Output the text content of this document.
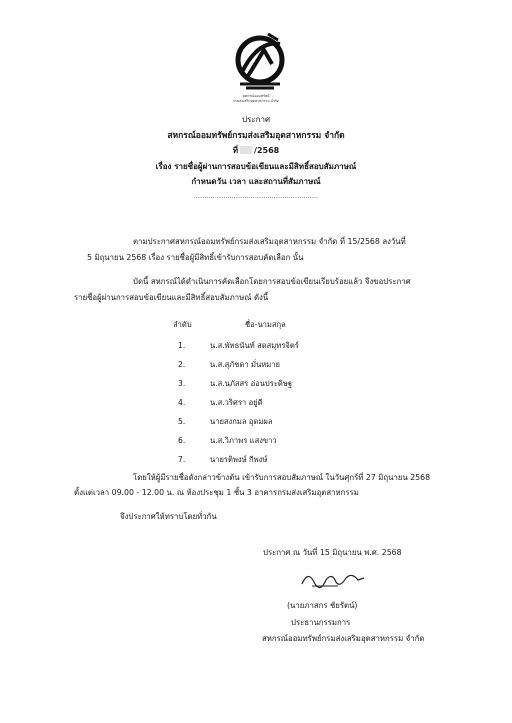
สหกรณ์ออมทรัพย์
กรมส่งเสริมอุตสาหกรรม จำกัด
ประกาศ
สหกรณ์ออมทรัพย์กรมส่งเสริมอุตสาหกรรม จำกัด
ที่ /2568
เรื่อง รายชื่อผู้ผ่านการสอบข้อเขียนและมีสิทธิ์สอบสัมภาษณ์
กำหนดวัน เวลา และสถานที่สัมภาษณ์
...........................................................
ตามประกาศสหกรณ์ออมทรัพย์กรมส่งเสริมอุตสาหกรรม จำกัด ที่ 15/2568 ลงวันที่
5 มิถุนายน 2568 เรื่อง รายชื่อผู้มีสิทธิ์เข้ารับการสอบคัดเลือก นั้น
บัดนี้ สหกรณ์ได้ดำเนินการคัดเลือกโดยการสอบข้อเขียนเรียบร้อยแล้ว จึงขอประกาศ
รายชื่อผู้ผ่านการสอบข้อเขียนและมีสิทธิ์สอบสัมภาษณ์ ดังนี้
ลำดับ	ชื่อ-นามสกุล
1.	น.ส.พัทธนันท์ สดสมุทรจิตร์
2.	น.ส.สุภัชดา มั่นหมาย
3.	น.ส.นภัสสร อ่อนประดิษฐ
4.	น.ส.วริศรา อยู่ดี
5.	นายสงกมล อุดมผล
6.	น.ส.วิภาพร แสงขาว
7.	นายรติพงษ์ กีพงษ์
โดยให้ผู้มีรายชื่อดังกล่าวข้างต้น เข้ารับการสอบสัมภาษณ์ ในวันศุกร์ที่ 27 มิถุนายน 2568
ตั้งแต่เวลา 09.00 - 12.00 น. ณ ห้องประชุม 1 ชั้น 3 อาคารกรมส่งเสริมอุตสาหกรรม
จึงประกาศให้ทราบโดยทั่วกัน
ประกาศ ณ วันที่ 15 มิถุนายน พ.ศ. 2568
(นายภาสกร ชัยรัตน์)
ประธานกรรมการ
สหกรณ์ออมทรัพย์กรมส่งเสริมอุตสาหกรรม จำกัด
